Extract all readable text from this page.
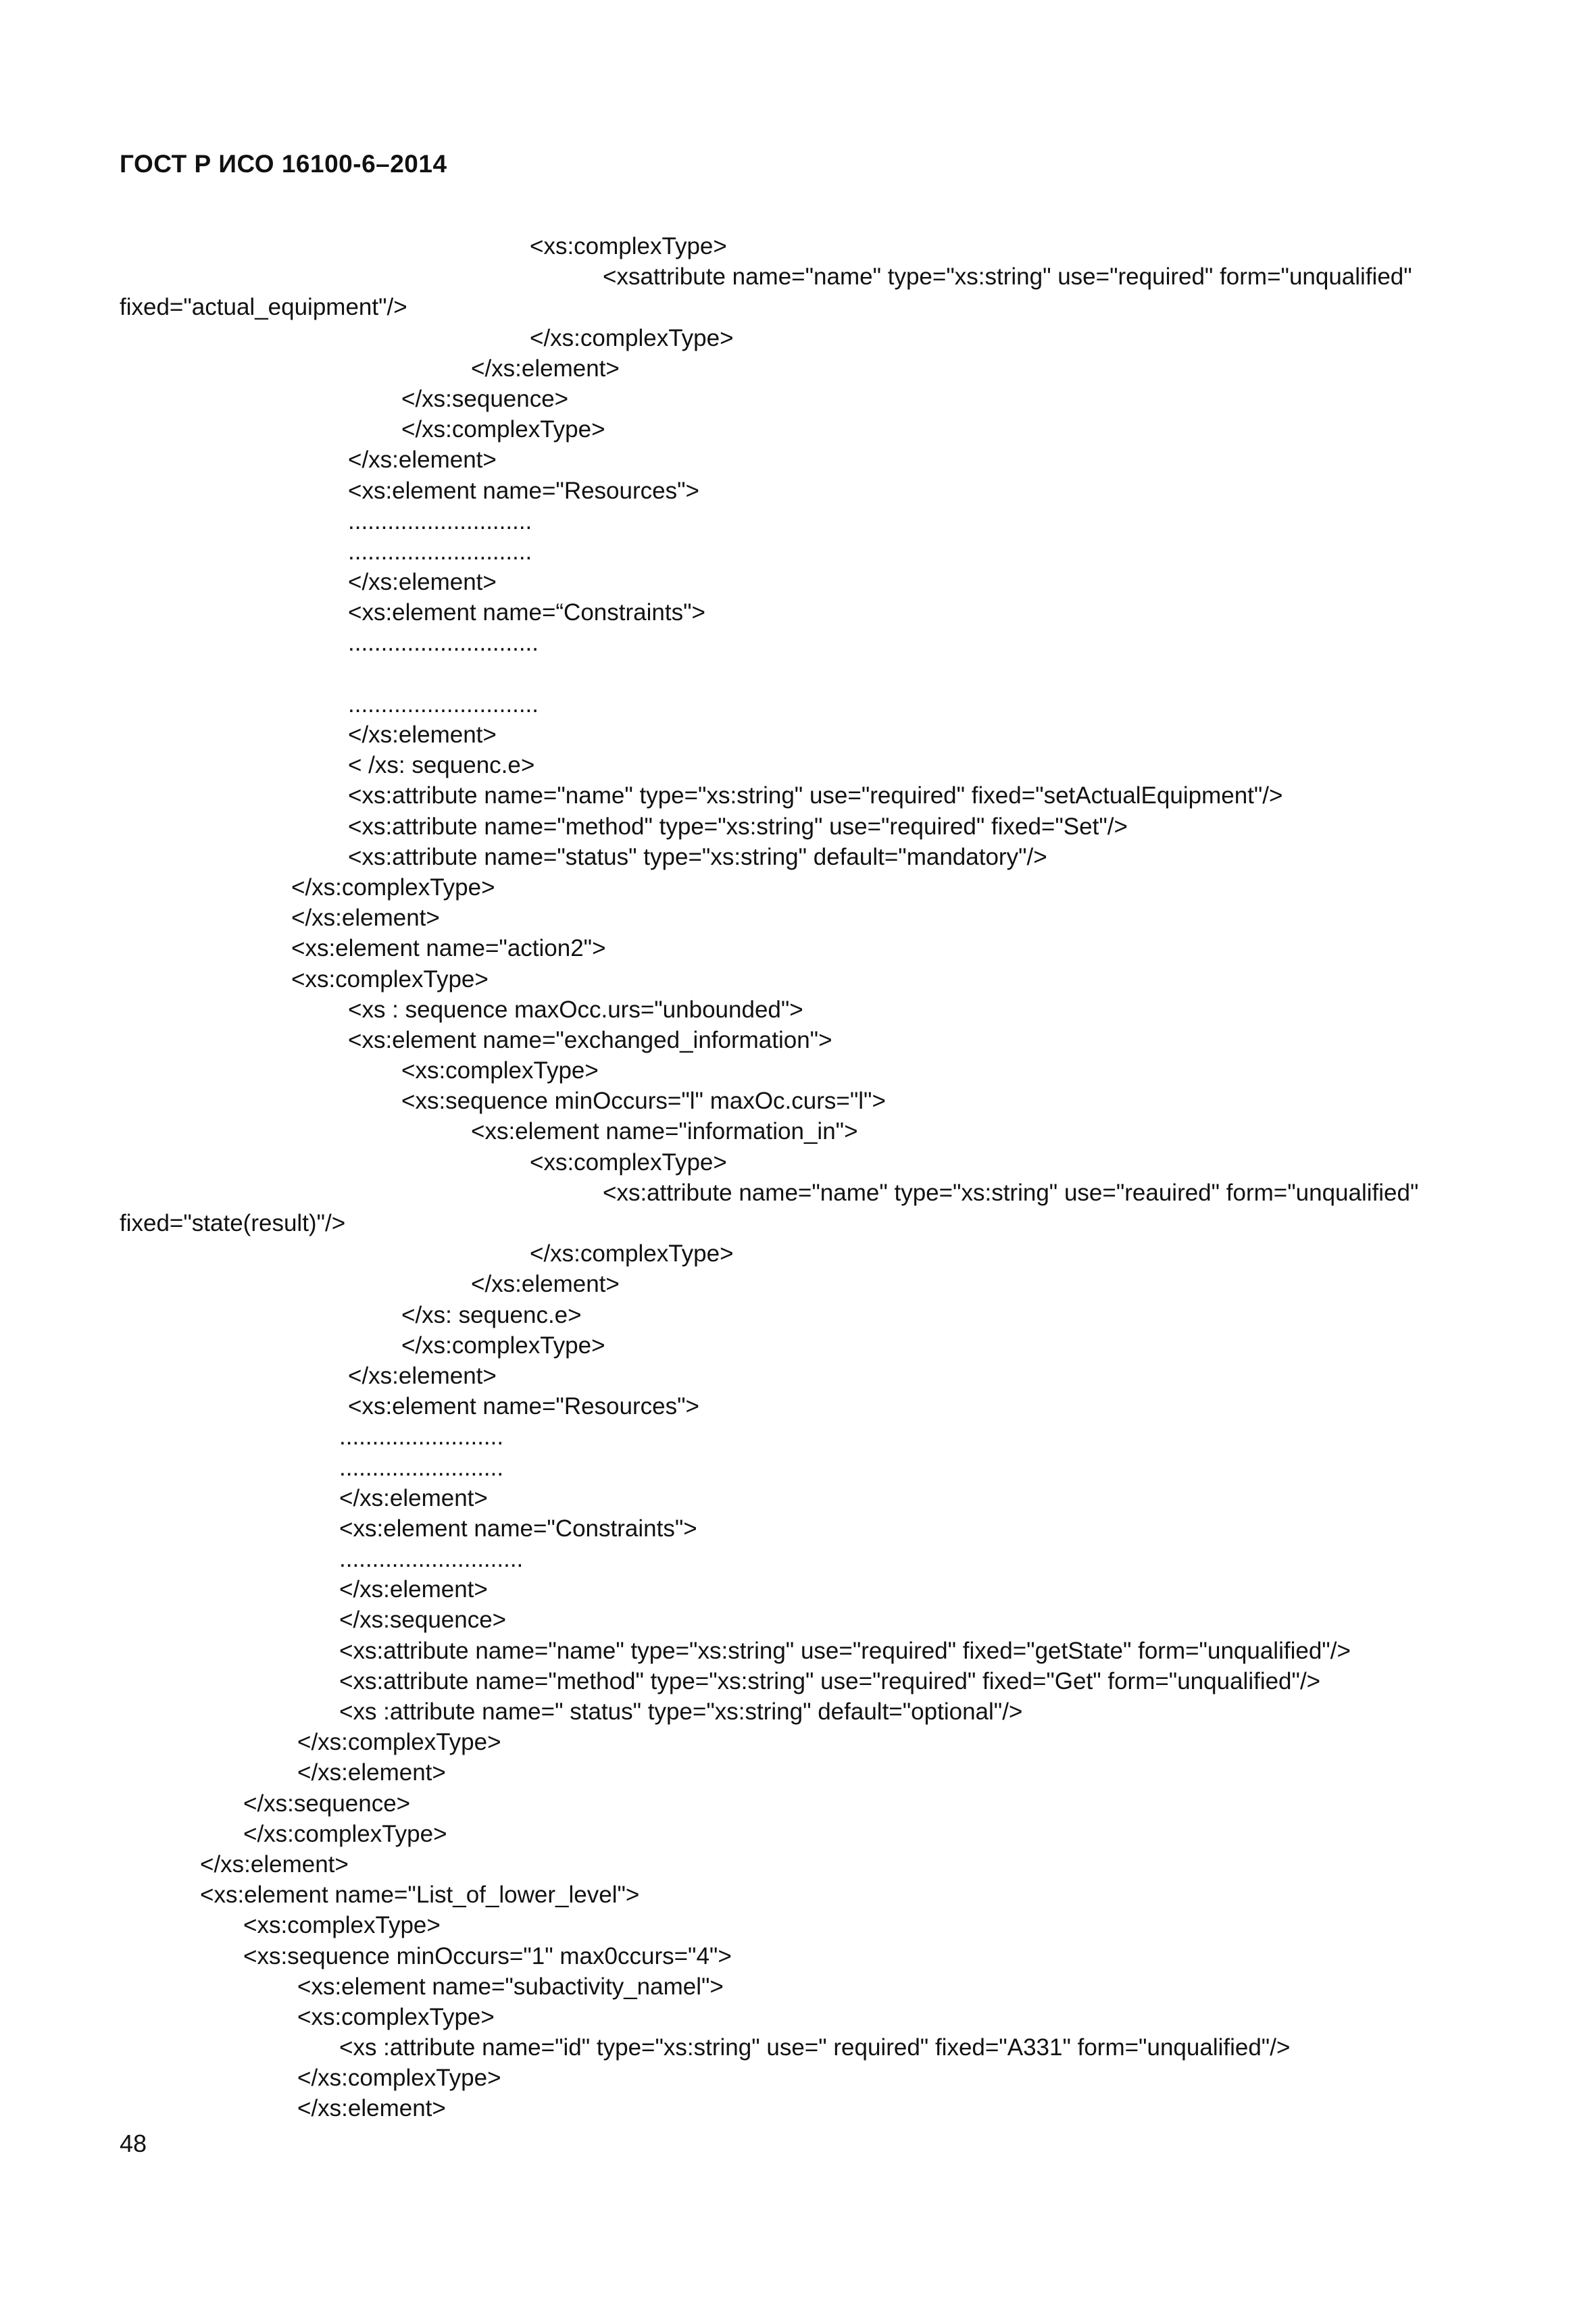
ГОСТ Р ИСО 16100-6–2014
<xs:complexType>
<xsattribute name="name" type="xs:string" use="required" form="unqualified"
fixed="actual_equipment"/>
</xs:complexType>
</xs:element>
</xs:sequence>
</xs:complexType>
</xs:element>
<xs:element name="Resources">
............................
............................
</xs:element>
<xs:element name=“Constraints">
.............................
.............................
</xs:element>
< /xs: sequenc.e>
<xs:attribute name="name" type="xs:string" use="required" fixed="setActualEquipment"/>
<xs:attribute name="method" type="xs:string" use="required" fixed="Set"/>
<xs:attribute name="status" type="xs:string" default="mandatory"/>
</xs:complexType>
</xs:element>
<xs:element name="action2">
<xs:complexType>
<xs : sequence maxOcc.urs="unbounded">
<xs:element name="exchanged_information">
<xs:complexType>
<xs:sequence minOccurs="l" maxOc.curs="l">
<xs:element name="information_in">
<xs:complexType>
<xs:attribute name="name" type="xs:string" use="reauired" form="unqualified"
fixed="state(result)"/>
</xs:complexType>
</xs:element>
</xs: sequenc.e>
</xs:complexType>
</xs:element>
<xs:element name="Resources">
.........................
.........................
</xs:element>
<xs:element name="Constraints">
............................
</xs:element>
</xs:sequence>
<xs:attribute name="name" type="xs:string" use="required" fixed="getState" form="unqualified"/>
<xs:attribute name="method" type="xs:string" use="required" fixed="Get" form="unqualified"/>
<xs :attribute name=" status" type="xs:string" default="optional"/>
</xs:complexType>
</xs:element>
</xs:sequence>
</xs:complexType>
</xs:element>
<xs:element name="List_of_lower_level">
<xs:complexType>
<xs:sequence minOccurs="1" max0ccurs="4">
<xs:element name="subactivity_namel">
<xs:complexType>
<xs :attribute name="id" type="xs:string" use=" required" fixed="A331" form="unqualified"/>
</xs:complexType>
</xs:element>
48
